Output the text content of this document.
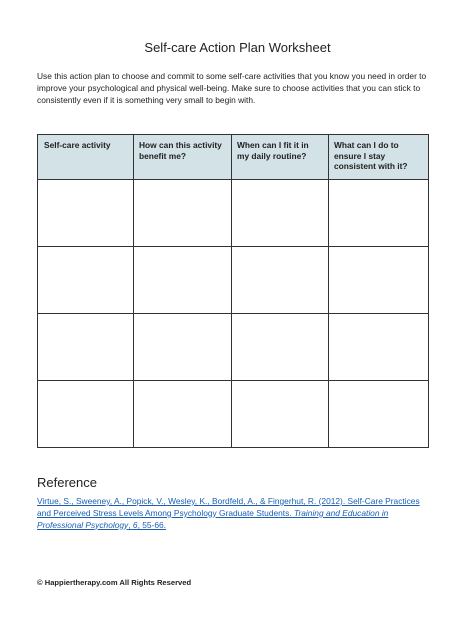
Self-care Action Plan Worksheet
Use this action plan to choose and commit to some self-care activities that you know you need in order to improve your psychological and physical well-being. Make sure to choose activities that you can stick to consistently even if it is something very small to begin with.
Self-care activity	How can this activity benefit me?	When can I fit it in my daily routine?	What can I do to ensure I stay consistent with it?

Reference
Virtue, S., Sweeney, A., Popick, V., Wesley, K., Bordfeld, A., & Fingerhut, R. (2012). Self-Care Practices and Perceived Stress Levels Among Psychology Graduate Students. Training and Education in Professional Psychology, 6, 55-66.
© Happiertherapy.com All Rights Reserved
